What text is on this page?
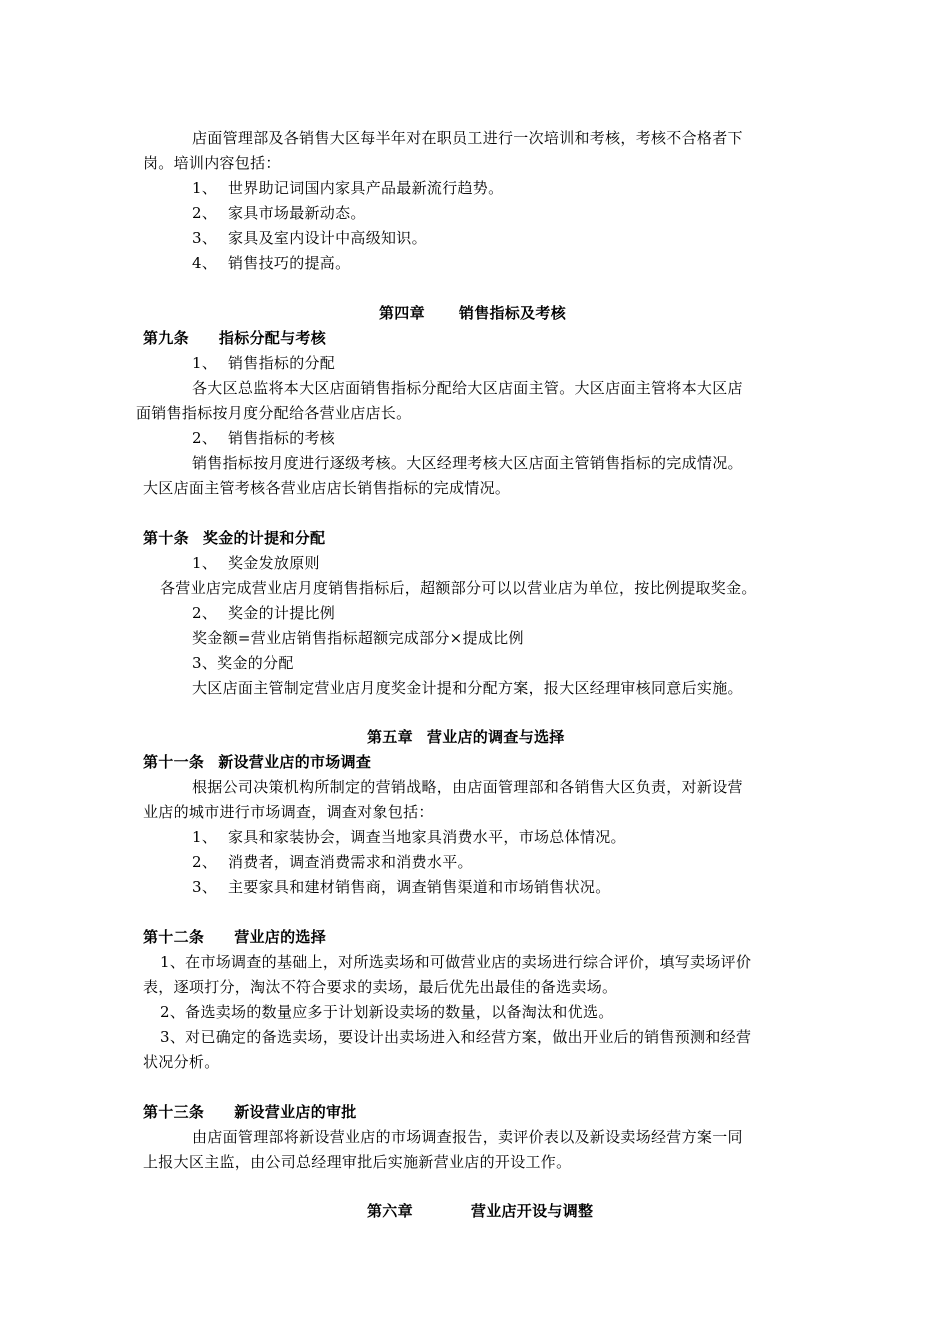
店面管理部及各销售大区每半年对在职员工进行一次培训和考核，考核不合格者下
岗。培训内容包括：
1、 世界助记词国内家具产品最新流行趋势。
2、 家具市场最新动态。
3、 家具及室内设计中高级知识。
4、 销售技巧的提高。
第四章 销售指标及考核
第九条 指标分配与考核
1、 销售指标的分配
各大区总监将本大区店面销售指标分配给大区店面主管。大区店面主管将本大区店
面销售指标按月度分配给各营业店店长。
2、 销售指标的考核
销售指标按月度进行逐级考核。大区经理考核大区店面主管销售指标的完成情况。
大区店面主管考核各营业店店长销售指标的完成情况。
第十条 奖金的计提和分配
1、 奖金发放原则
各营业店完成营业店月度销售指标后，超额部分可以以营业店为单位，按比例提取奖金。
2、 奖金的计提比例
奖金额=营业店销售指标超额完成部分×提成比例
3、奖金的分配
大区店面主管制定营业店月度奖金计提和分配方案，报大区经理审核同意后实施。
第五章 营业店的调查与选择
第十一条 新设营业店的市场调查
根据公司决策机构所制定的营销战略，由店面管理部和各销售大区负责，对新设营
业店的城市进行市场调查，调查对象包括：
1、 家具和家装协会，调查当地家具消费水平，市场总体情况。
2、 消费者，调查消费需求和消费水平。
3、 主要家具和建材销售商，调查销售渠道和市场销售状况。
第十二条 营业店的选择
1、在市场调查的基础上，对所选卖场和可做营业店的卖场进行综合评价，填写卖场评价
表，逐项打分，淘汰不符合要求的卖场，最后优先出最佳的备选卖场。
2、备选卖场的数量应多于计划新设卖场的数量，以备淘汰和优选。
3、对已确定的备选卖场，要设计出卖场进入和经营方案，做出开业后的销售预测和经营
状况分析。
第十三条 新设营业店的审批
由店面管理部将新设营业店的市场调查报告，卖评价表以及新设卖场经营方案一同
上报大区主监，由公司总经理审批后实施新营业店的开设工作。
第六章	营业店开设与调整
